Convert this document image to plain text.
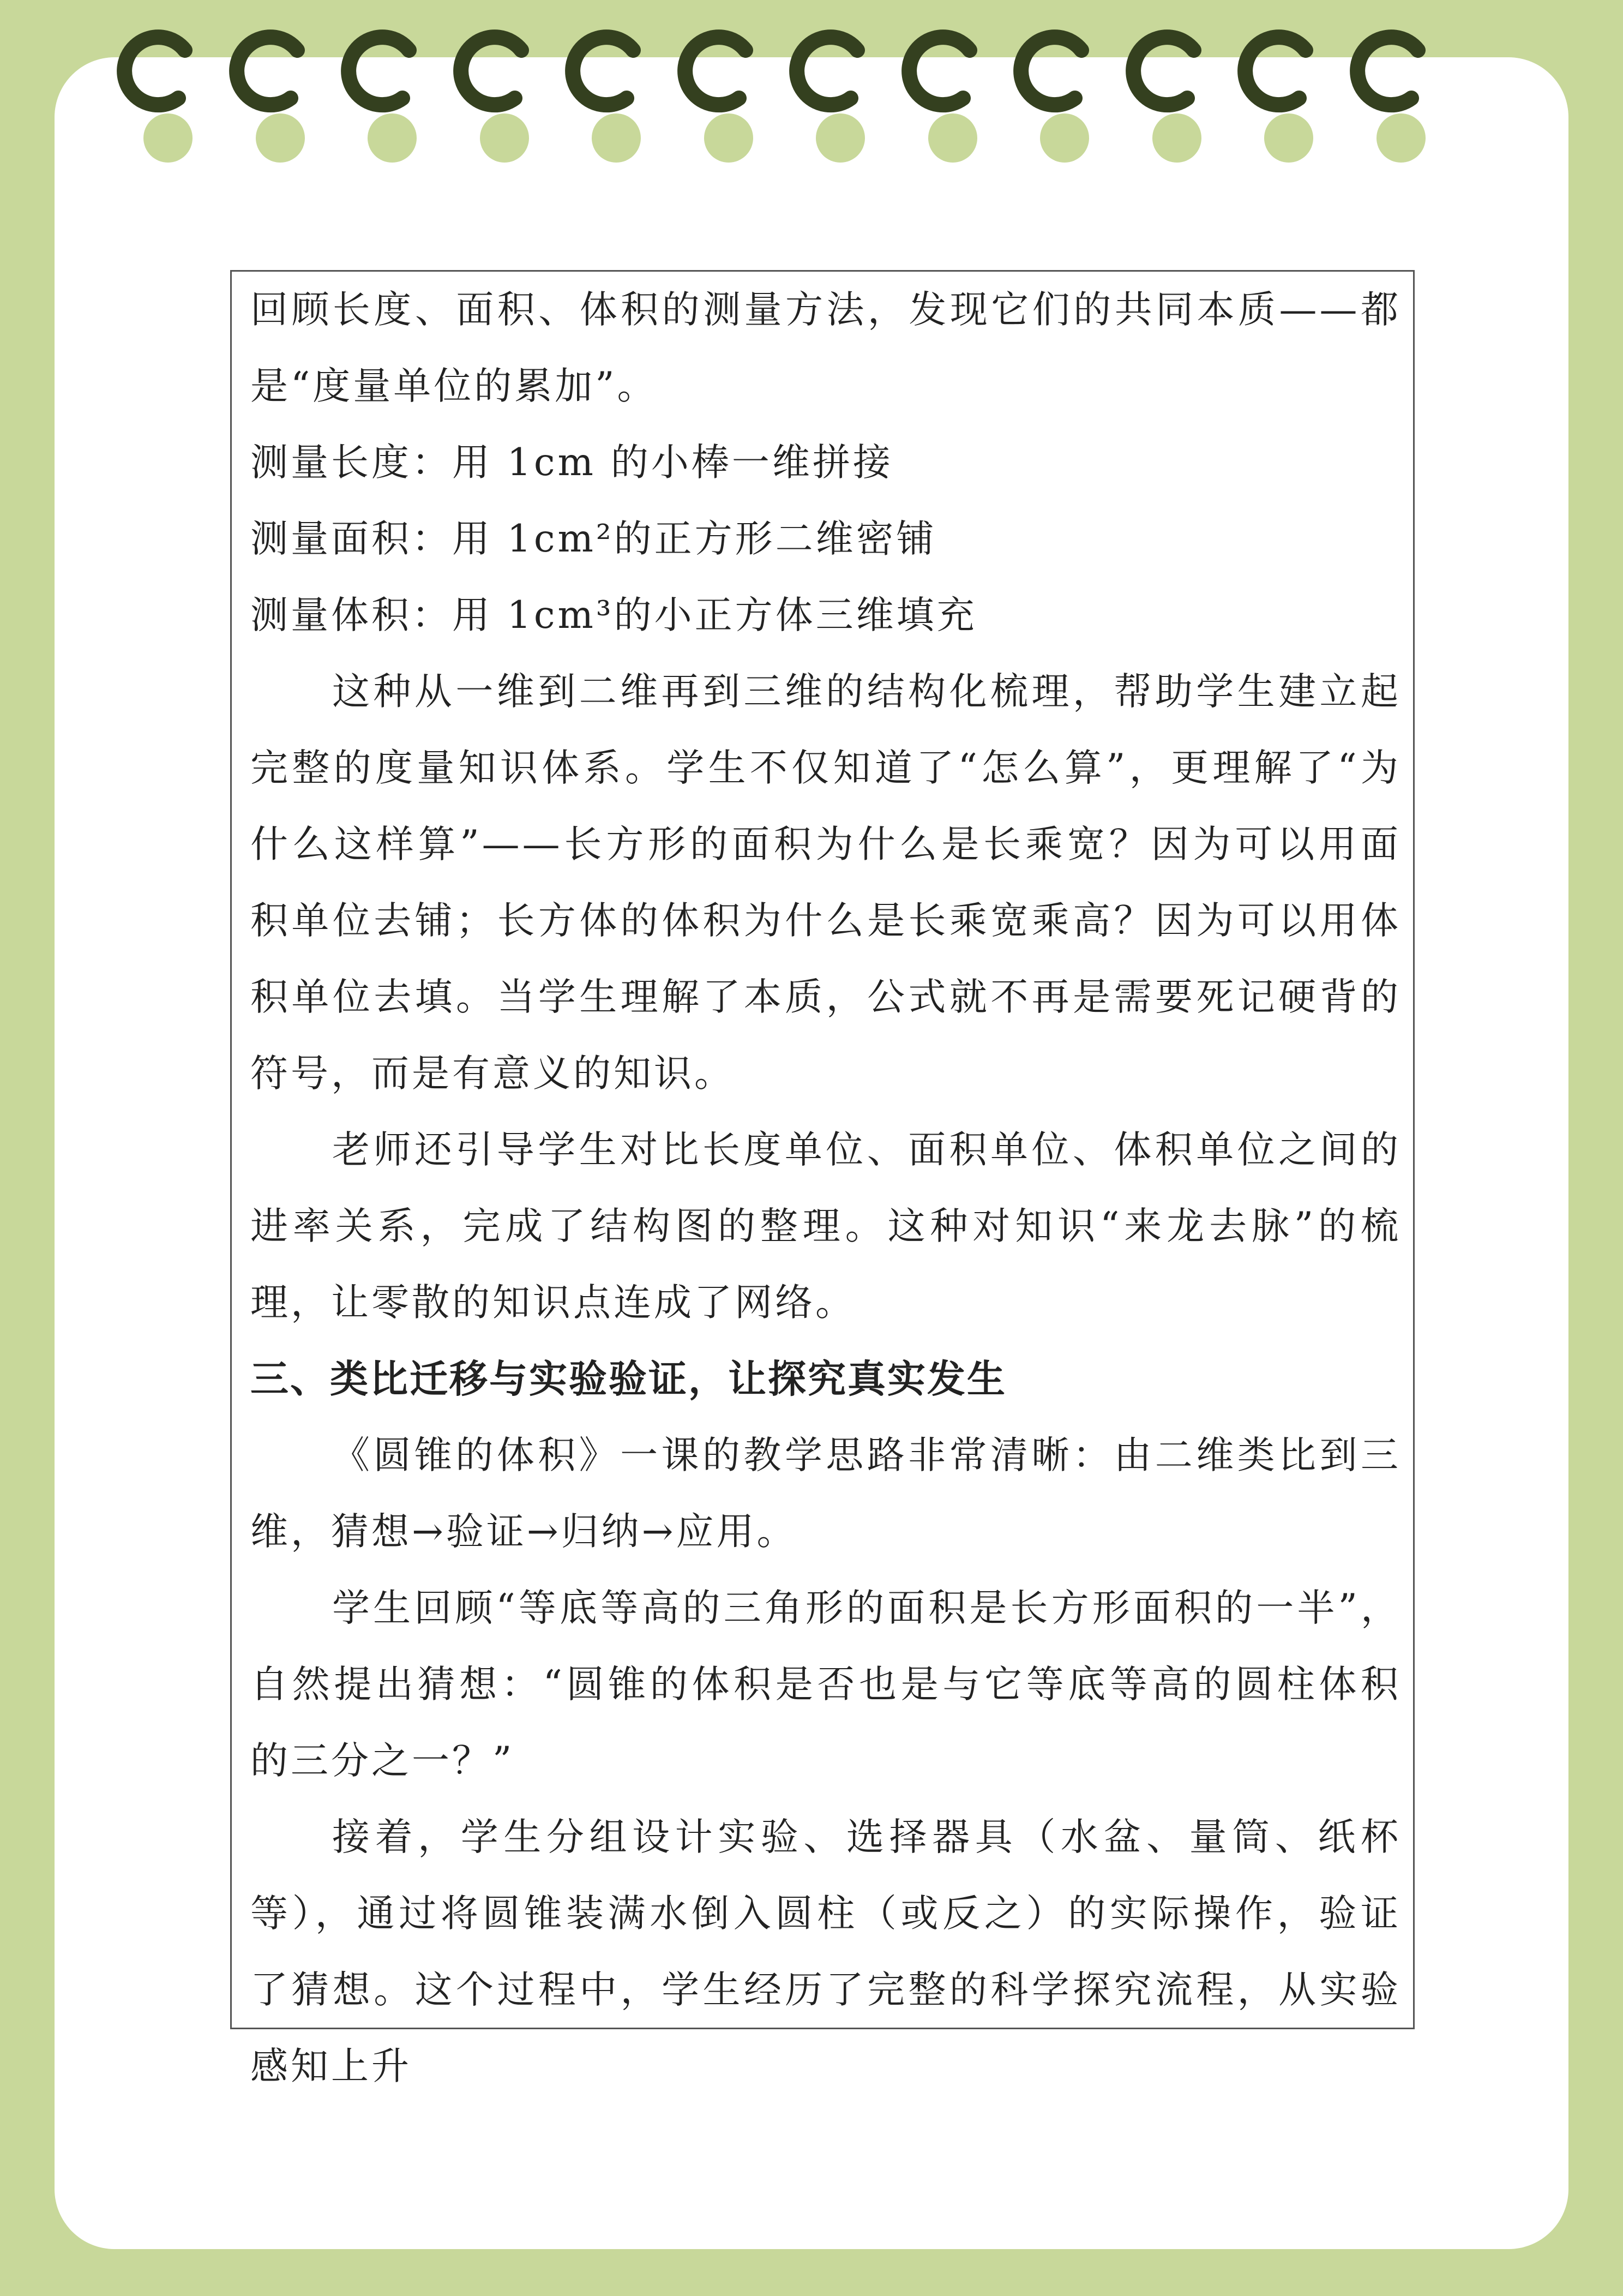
回顾长度、面积、体积的测量方法，发现它们的共同本质——都是“度量单位的累加”。

测量长度：用 1cm 的小棒一维拼接

测量面积：用 1cm²的正方形二维密铺

测量体积：用 1cm³的小正方体三维填充

这种从一维到二维再到三维的结构化梳理，帮助学生建立起完整的度量知识体系。学生不仅知道了“怎么算”，更理解了“为什么这样算”——长方形的面积为什么是长乘宽？因为可以用面积单位去铺；长方体的体积为什么是长乘宽乘高？因为可以用体积单位去填。当学生理解了本质，公式就不再是需要死记硬背的符号，而是有意义的知识。

老师还引导学生对比长度单位、面积单位、体积单位之间的进率关系，完成了结构图的整理。这种对知识“来龙去脉”的梳理，让零散的知识点连成了网络。

三、类比迁移与实验验证，让探究真实发生

《圆锥的体积》一课的教学思路非常清晰：由二维类比到三维，猜想→验证→归纳→应用。

学生回顾“等底等高的三角形的面积是长方形面积的一半”，自然提出猜想：“圆锥的体积是否也是与它等底等高的圆柱体积的三分之一？”

接着，学生分组设计实验、选择器具（水盆、量筒、纸杯等），通过将圆锥装满水倒入圆柱（或反之）的实际操作，验证了猜想。这个过程中，学生经历了完整的科学探究流程，从实验感知上升
